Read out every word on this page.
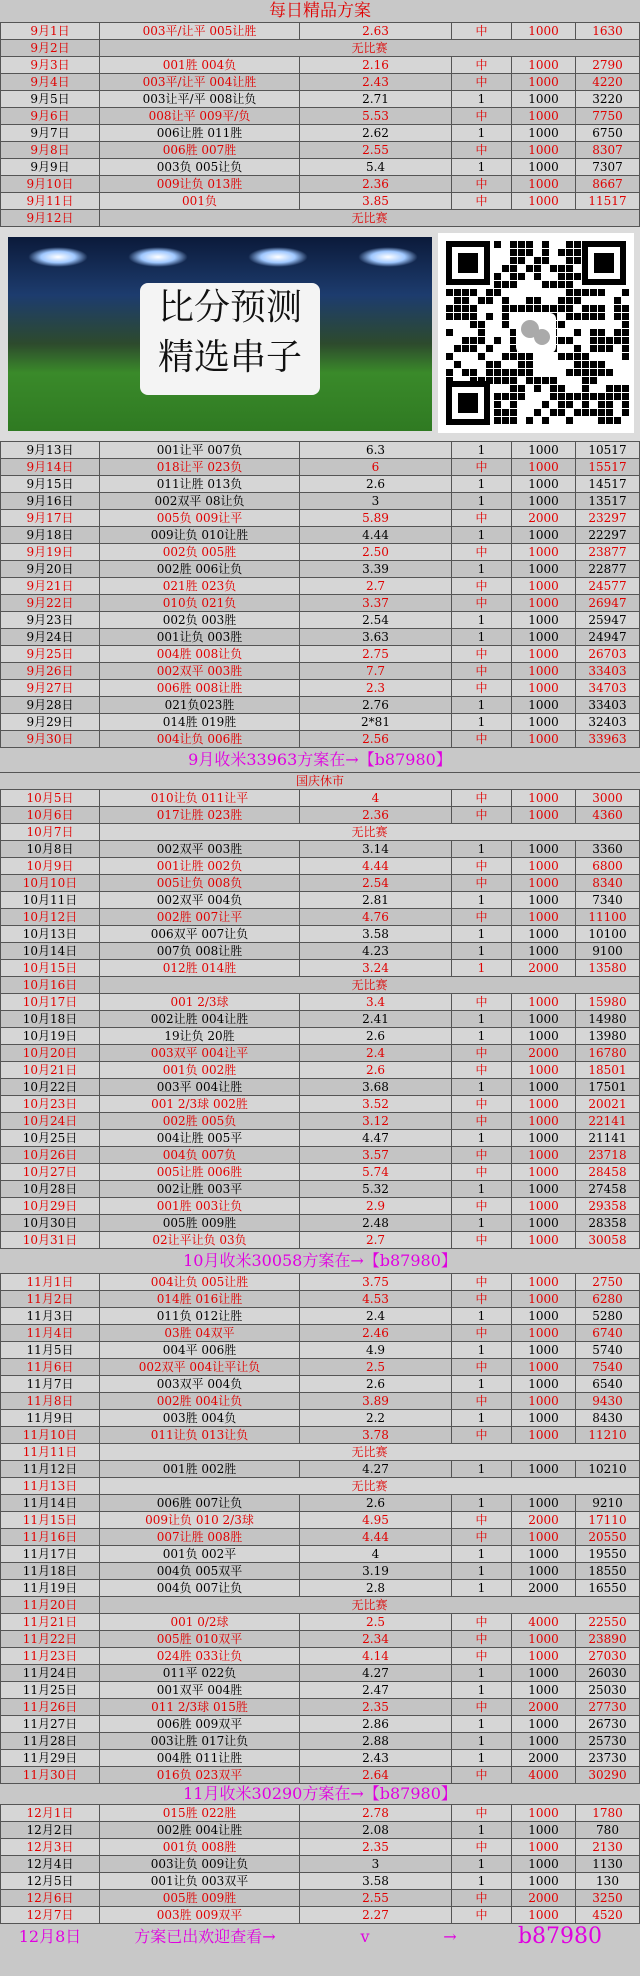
每日精品方案
9月1日	003平/让平 005让胜	2.63	中	1000	1630
9月2日	无比赛
9月3日	001胜 004负	2.16	中	1000	2790
9月4日	003平/让平 004让胜	2.43	中	1000	4220
9月5日	003让平/平 008让负	2.71	1	1000	3220
9月6日	008让平 009平/负	5.53	中	1000	7750
9月7日	006让胜 011胜	2.62	1	1000	6750
9月8日	006胜 007胜	2.55	中	1000	8307
9月9日	003负 005让负	5.4	1	1000	7307
9月10日	009让负 013胜	2.36	中	1000	8667
9月11日	001负	3.85	中	1000	11517
9月12日	无比赛
比分预测
精选串子
9月13日	001让平 007负	6.3	1	1000	10517
9月14日	018让平 023负	6	中	1000	15517
9月15日	011让胜 013负	2.6	1	1000	14517
9月16日	002双平 08让负	3	1	1000	13517
9月17日	005负 009让平	5.89	中	2000	23297
9月18日	009让负 010让胜	4.44	1	1000	22297
9月19日	002负 005胜	2.50	中	1000	23877
9月20日	002胜 006让负	3.39	1	1000	22877
9月21日	021胜 023负	2.7	中	1000	24577
9月22日	010负 021负	3.37	中	1000	26947
9月23日	002负 003胜	2.54	1	1000	25947
9月24日	001让负 003胜	3.63	1	1000	24947
9月25日	004胜 008让负	2.75	中	1000	26703
9月26日	002双平 003胜	7.7	中	1000	33403
9月27日	006胜 008让胜	2.3	中	1000	34703
9月28日	021负023胜	2.76	1	1000	33403
9月29日	014胜 019胜	2*81	1	1000	32403
9月30日	004让负 006胜	2.56	中	1000	33963
9月收米33963方案在→【b87980】
国庆休市
10月5日	010让负 011让平	4	中	1000	3000
10月6日	017让胜 023胜	2.36	中	1000	4360
10月7日	无比赛
10月8日	002双平 003胜	3.14	1	1000	3360
10月9日	001让胜 002负	4.44	中	1000	6800
10月10日	005让负 008负	2.54	中	1000	8340
10月11日	002双平 004负	2.81	1	1000	7340
10月12日	002胜 007让平	4.76	中	1000	11100
10月13日	006双平 007让负	3.58	1	1000	10100
10月14日	007负 008让胜	4.23	1	1000	9100
10月15日	012胜 014胜	3.24	1	2000	13580
10月16日	无比赛
10月17日	001 2/3球	3.4	中	1000	15980
10月18日	002让胜 004让胜	2.41	1	1000	14980
10月19日	19让负 20胜	2.6	1	1000	13980
10月20日	003双平 004让平	2.4	中	2000	16780
10月21日	001负 002胜	2.6	中	1000	18501
10月22日	003平 004让胜	3.68	1	1000	17501
10月23日	001 2/3球 002胜	3.52	中	1000	20021
10月24日	002胜 005负	3.12	中	1000	22141
10月25日	004让胜 005平	4.47	1	1000	21141
10月26日	004负 007负	3.57	中	1000	23718
10月27日	005让胜 006胜	5.74	中	1000	28458
10月28日	002让胜 003平	5.32	1	1000	27458
10月29日	001胜 003让负	2.9	中	1000	29358
10月30日	005胜 009胜	2.48	1	1000	28358
10月31日	02让平让负 03负	2.7	中	1000	30058
10月收米30058方案在→【b87980】
11月1日	004让负 005让胜	3.75	中	1000	2750
11月2日	014胜 016让胜	4.53	中	1000	6280
11月3日	011负 012让胜	2.4	1	1000	5280
11月4日	03胜 04双平	2.46	中	1000	6740
11月5日	004平 006胜	4.9	1	1000	5740
11月6日	002双平 004让平让负	2.5	中	1000	7540
11月7日	003双平 004负	2.6	1	1000	6540
11月8日	002胜 004让负	3.89	中	1000	9430
11月9日	003胜 004负	2.2	1	1000	8430
11月10日	011让负 013让负	3.78	中	1000	11210
11月11日	无比赛
11月12日	001胜 002胜	4.27	1	1000	10210
11月13日	无比赛
11月14日	006胜 007让负	2.6	1	1000	9210
11月15日	009让负 010 2/3球	4.95	中	2000	17110
11月16日	007让胜 008胜	4.44	中	1000	20550
11月17日	001负 002平	4	1	1000	19550
11月18日	004负 005双平	3.19	1	1000	18550
11月19日	004负 007让负	2.8	1	2000	16550
11月20日	无比赛
11月21日	001 0/2球	2.5	中	4000	22550
11月22日	005胜 010双平	2.34	中	1000	23890
11月23日	024胜 033让负	4.14	中	1000	27030
11月24日	011平 022负	4.27	1	1000	26030
11月25日	001双平 004胜	2.47	1	1000	25030
11月26日	011 2/3球 015胜	2.35	中	2000	27730
11月27日	006胜 009双平	2.86	1	1000	26730
11月28日	003让胜 017让负	2.88	1	1000	25730
11月29日	004胜 011让胜	2.43	1	2000	23730
11月30日	016负 023双平	2.64	中	4000	30290
11月收米30290方案在→【b87980】
12月1日	015胜 022胜	2.78	中	1000	1780
12月2日	002胜 004让胜	2.08	1	1000	780
12月3日	001负 008胜	2.35	中	1000	2130
12月4日	003让负 009让负	3	1	1000	1130
12月5日	001让负 003双平	3.58	1	1000	130
12月6日	005胜 009胜	2.55	中	2000	3250
12月7日	003胜 009双平	2.27	中	1000	4520
12月8日	方案已出欢迎查看→	v	→	b87980
